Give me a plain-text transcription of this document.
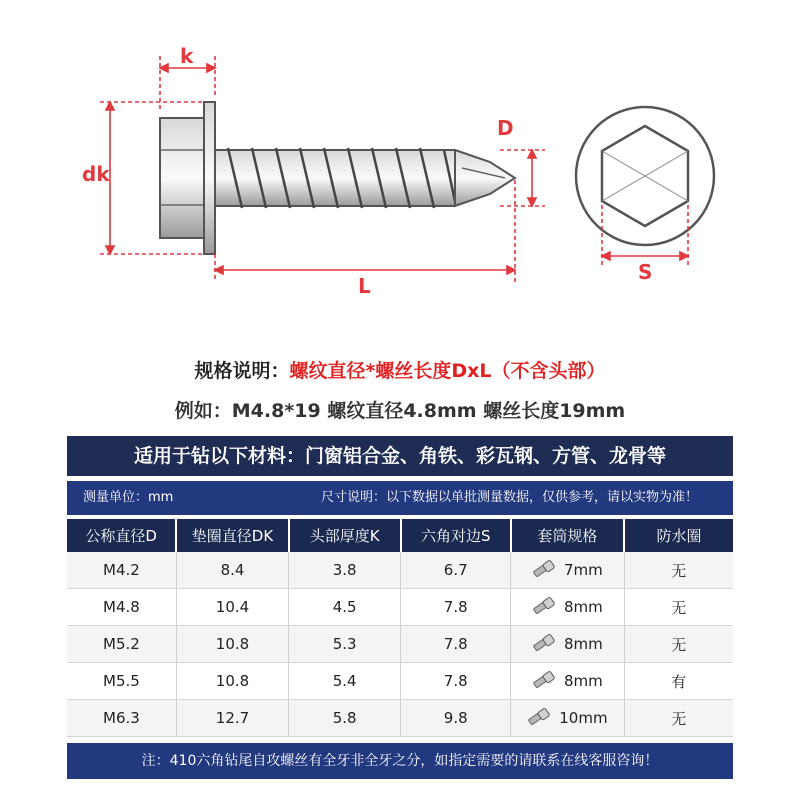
k
dk
D
L
S
规格说明：螺纹直径*螺丝长度DxL（不含头部）
例如：M4.8*19 螺纹直径4.8mm 螺丝长度19mm
适用于钻以下材料：门窗铝合金、角铁、彩瓦钢、方管、龙骨等
测量单位：mm	尺寸说明：以下数据以单批测量数据，仅供参考，请以实物为准！
公称直径D	垫圈直径DK	头部厚度K	六角对边S	套筒规格	防水圈
M4.2	8.4	3.8	6.7	7mm	无
M4.8	10.4	4.5	7.8	8mm	无
M5.2	10.8	5.3	7.8	8mm	无
M5.5	10.8	5.4	7.8	8mm	有
M6.3	12.7	5.8	9.8	10mm	无
注：410六角钻尾自攻螺丝有全牙非全牙之分，如指定需要的请联系在线客服咨询！
